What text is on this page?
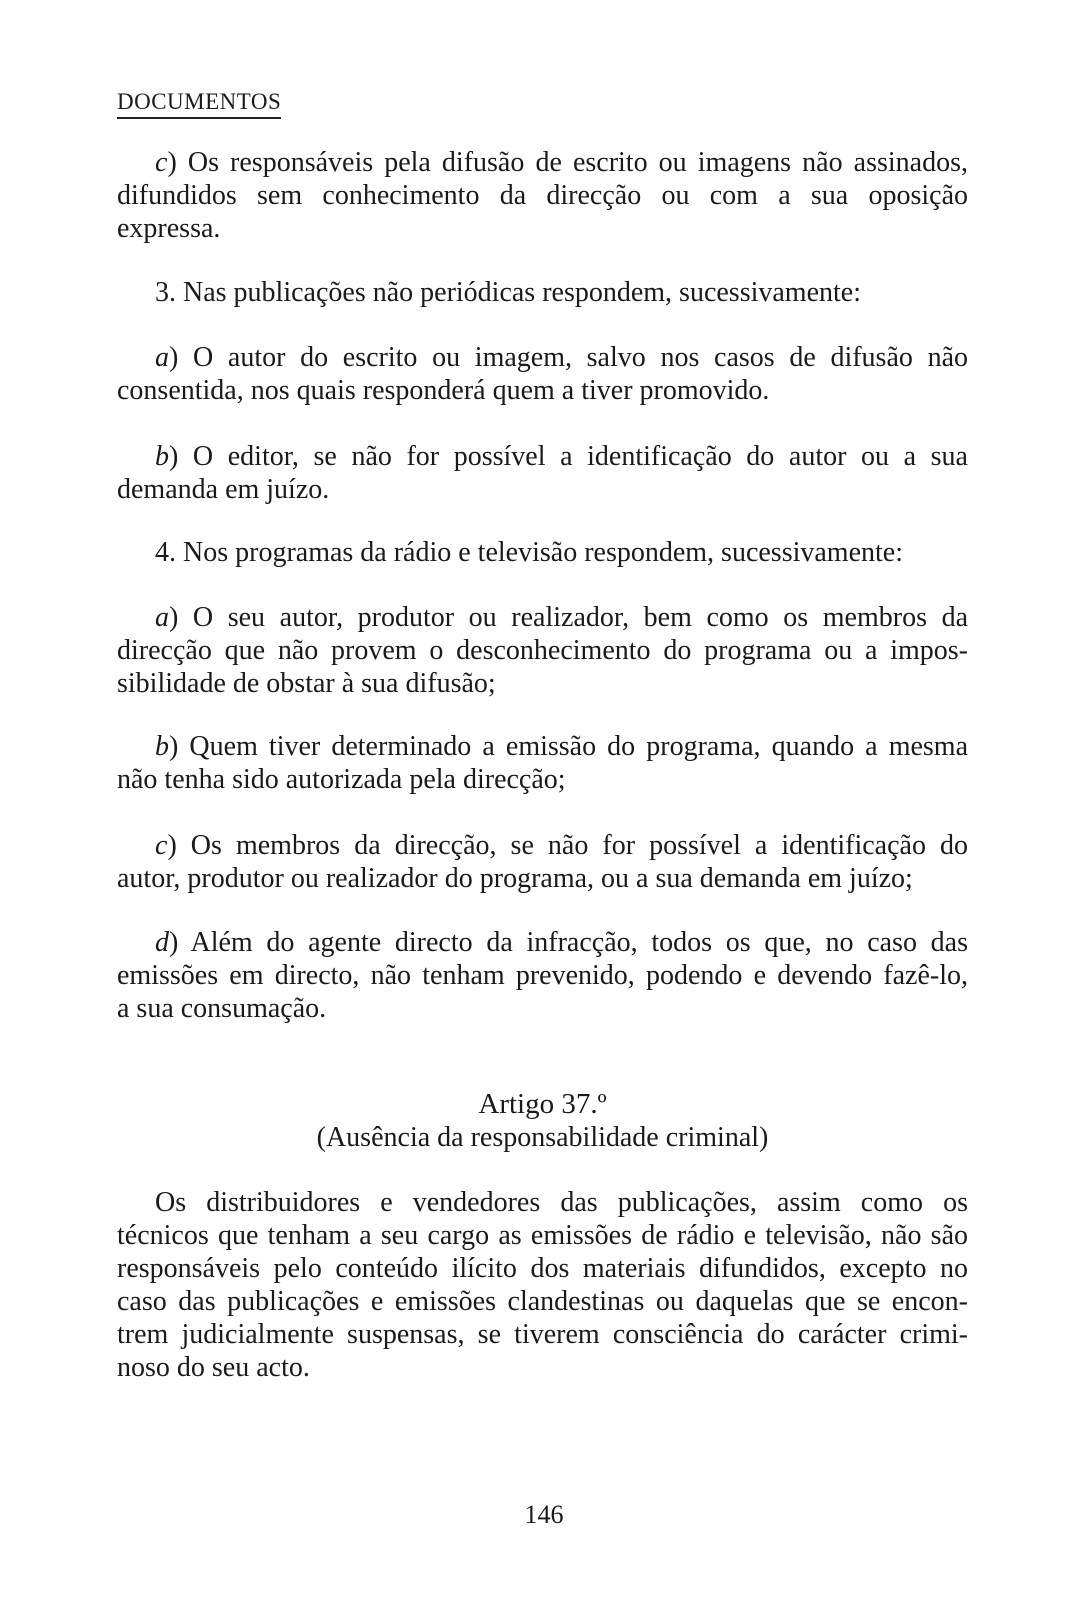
DOCUMENTOS
c) Os responsáveis pela difusão de escrito ou imagens não assinados,
difundidos sem conhecimento da direcção ou com a sua oposição
expressa.
3. Nas publicações não periódicas respondem, sucessivamente:
a) O autor do escrito ou imagem, salvo nos casos de difusão não
consentida, nos quais responderá quem a tiver promovido.
b) O editor, se não for possível a identificação do autor ou a sua
demanda em juízo.
4. Nos programas da rádio e televisão respondem, sucessivamente:
a) O seu autor, produtor ou realizador, bem como os membros da
direcção que não provem o desconhecimento do programa ou a impos-
sibilidade de obstar à sua difusão;
b) Quem tiver determinado a emissão do programa, quando a mesma
não tenha sido autorizada pela direcção;
c) Os membros da direcção, se não for possível a identificação do
autor, produtor ou realizador do programa, ou a sua demanda em juízo;
d) Além do agente directo da infracção, todos os que, no caso das
emissões em directo, não tenham prevenido, podendo e devendo fazê-lo,
a sua consumação.
Os distribuidores e vendedores das publicações, assim como os
técnicos que tenham a seu cargo as emissões de rádio e televisão, não são
responsáveis pelo conteúdo ilícito dos materiais difundidos, excepto no
caso das publicações e emissões clandestinas ou daquelas que se encon-
trem judicialmente suspensas, se tiverem consciência do carácter crimi-
noso do seu acto.
Artigo 37.º
(Ausência da responsabilidade criminal)
146
